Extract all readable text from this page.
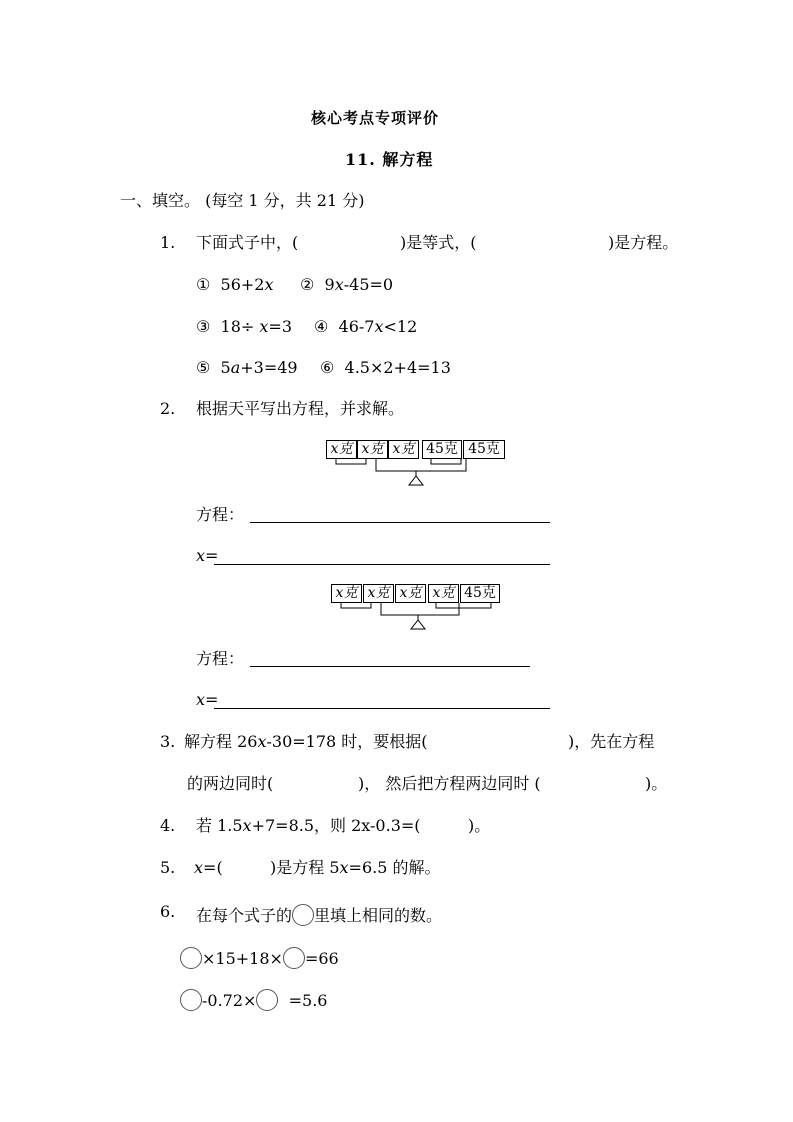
核心考点专项评价
11. 解方程
一、填空。 (每空 1 分，共 21 分)
1. 下面式子中，(	)是等式，(	)是方程。
① 56+2x ② 9x-45=0
③ 18÷ x=3 ④ 46-7x<12
⑤ 5a+3=49 ⑥ 4.5×2+4=13
2. 根据天平写出方程，并求解。
x克 x克 x克 45克 45克
方程：
x=
x克 x克 x克 x克 45克
方程：
x=
3. 解方程 26x-30=178 时，要根据(	)，先在方程
的两边同时(	)， 然后把方程两边同时 (	)。
4. 若 1.5x+7=8.5，则 2x-0.3=(	)。
5. x=(	)是方程 5x=6.5 的解。
6. 在每个式子的 里填上相同的数。
×15+18× =66
-0.72× =5.6
